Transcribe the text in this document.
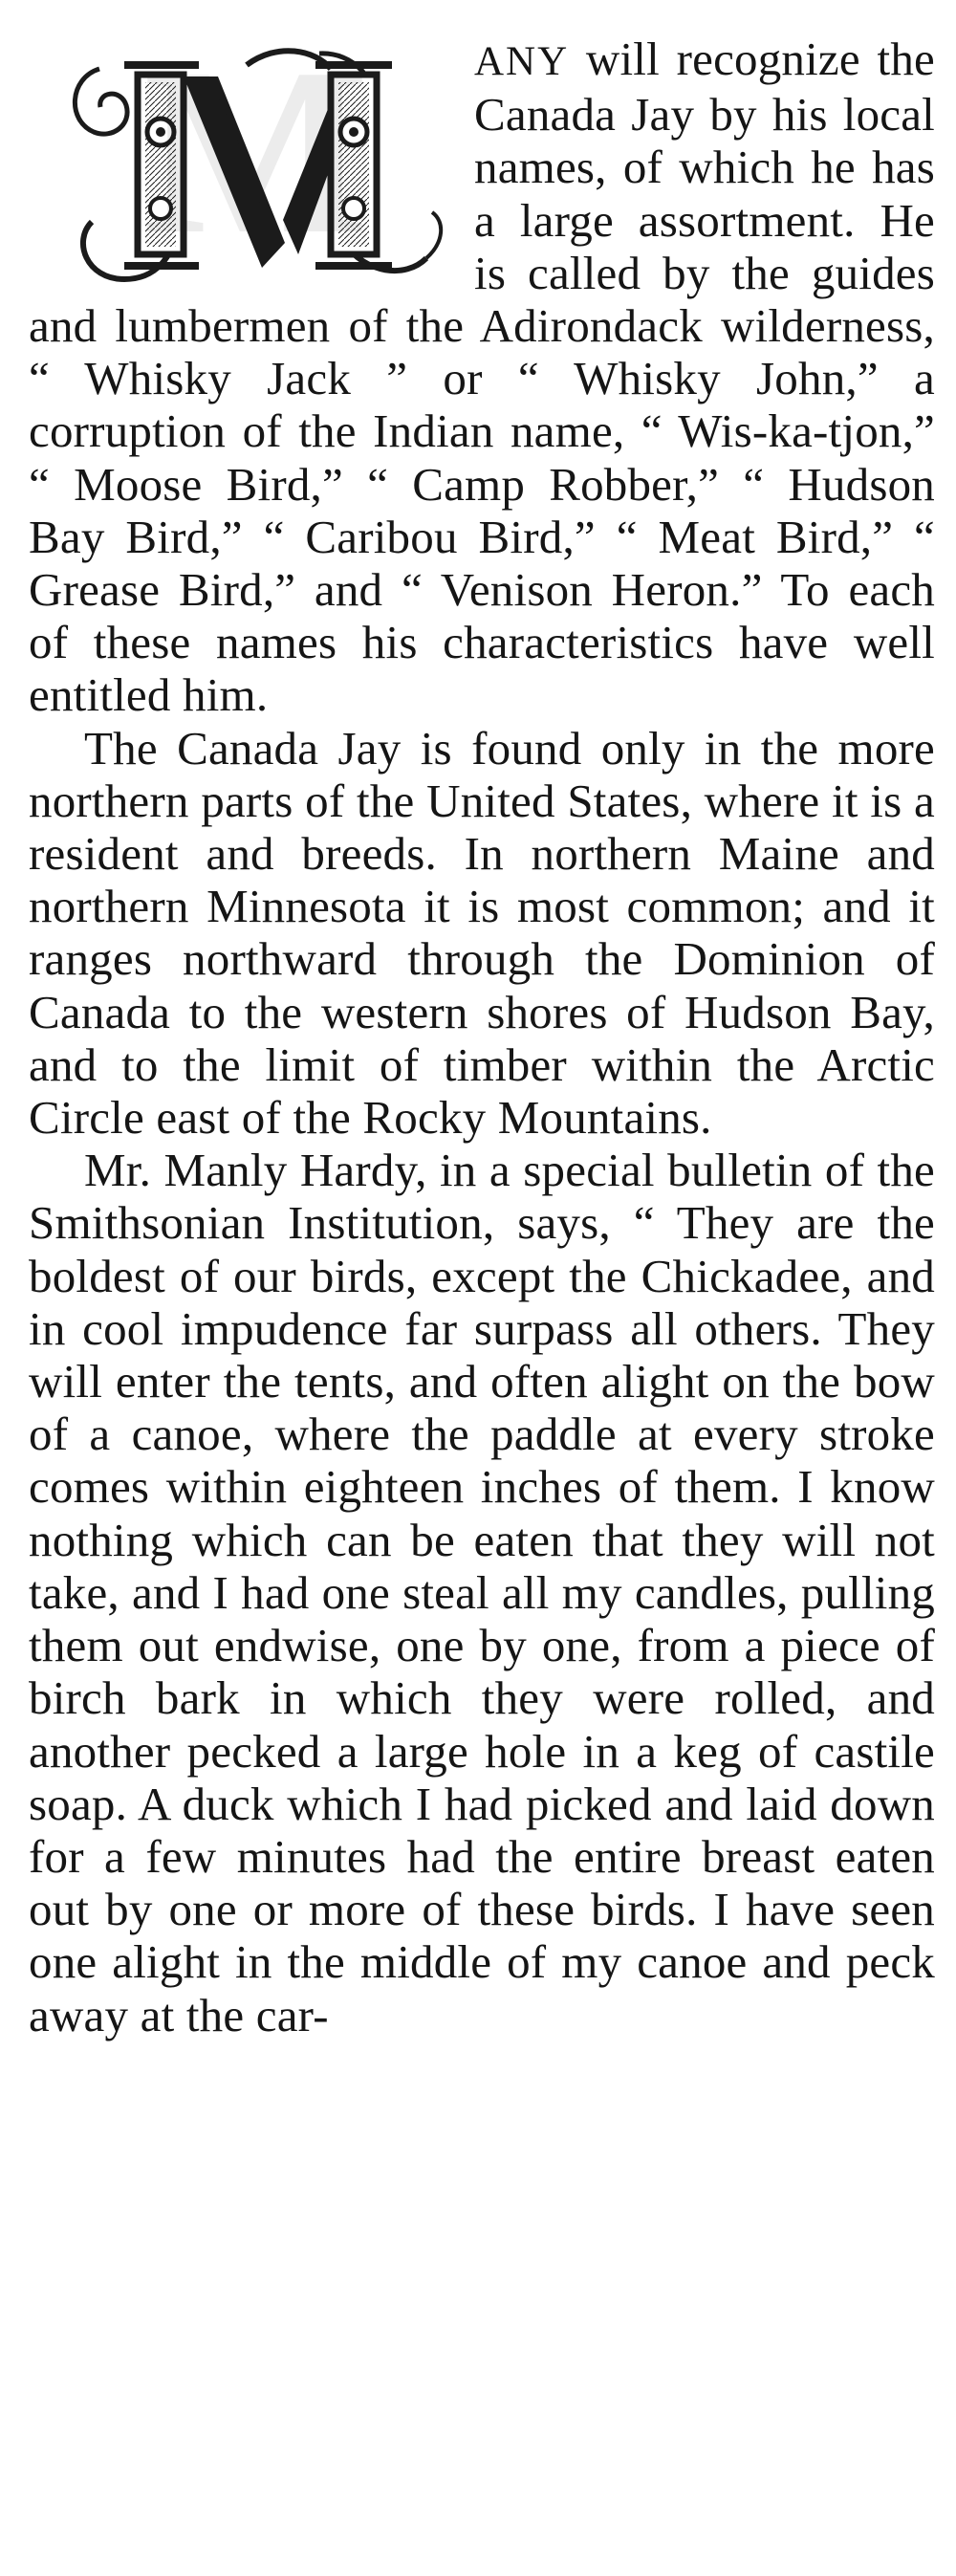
M	ANY will recognize the Canada Jay by his local names, of which he has a large assortment. He is called by the guides and lumbermen of the Adirondack wilderness, “ Whisky Jack ” or “ Whisky John,” a corruption of the Indian name, “ Wis-ka-tjon,” “ Moose Bird,” “ Camp Robber,” “ Hudson Bay Bird,” “ Caribou Bird,” “ Meat Bird,” “ Grease Bird,” and “ Venison Heron.” To each of these names his characteristics have well entitled him.

The Canada Jay is found only in the more northern parts of the United States, where it is a resident and breeds. In northern Maine and northern Minnesota it is most common; and it ranges northward through the Dominion of Canada to the western shores of Hudson Bay, and to the limit of timber within the Arctic Circle east of the Rocky Mountains.

Mr. Manly Hardy, in a special bulletin of the Smithsonian Institution, says, “ They are the boldest of our birds, except the Chickadee, and in cool impudence far surpass all others. They will enter the tents, and often alight on the bow of a canoe, where the paddle at every stroke comes within eighteen inches of them. I know nothing which can be eaten that they will not take, and I had one steal all my candles, pulling them out endwise, one by one, from a piece of birch bark in which they were rolled, and another pecked a large hole in a keg of castile soap. A duck which I had picked and laid down for a few minutes had the entire breast eaten out by one or more of these birds. I have seen one alight in the middle of my canoe and peck away at the car-
